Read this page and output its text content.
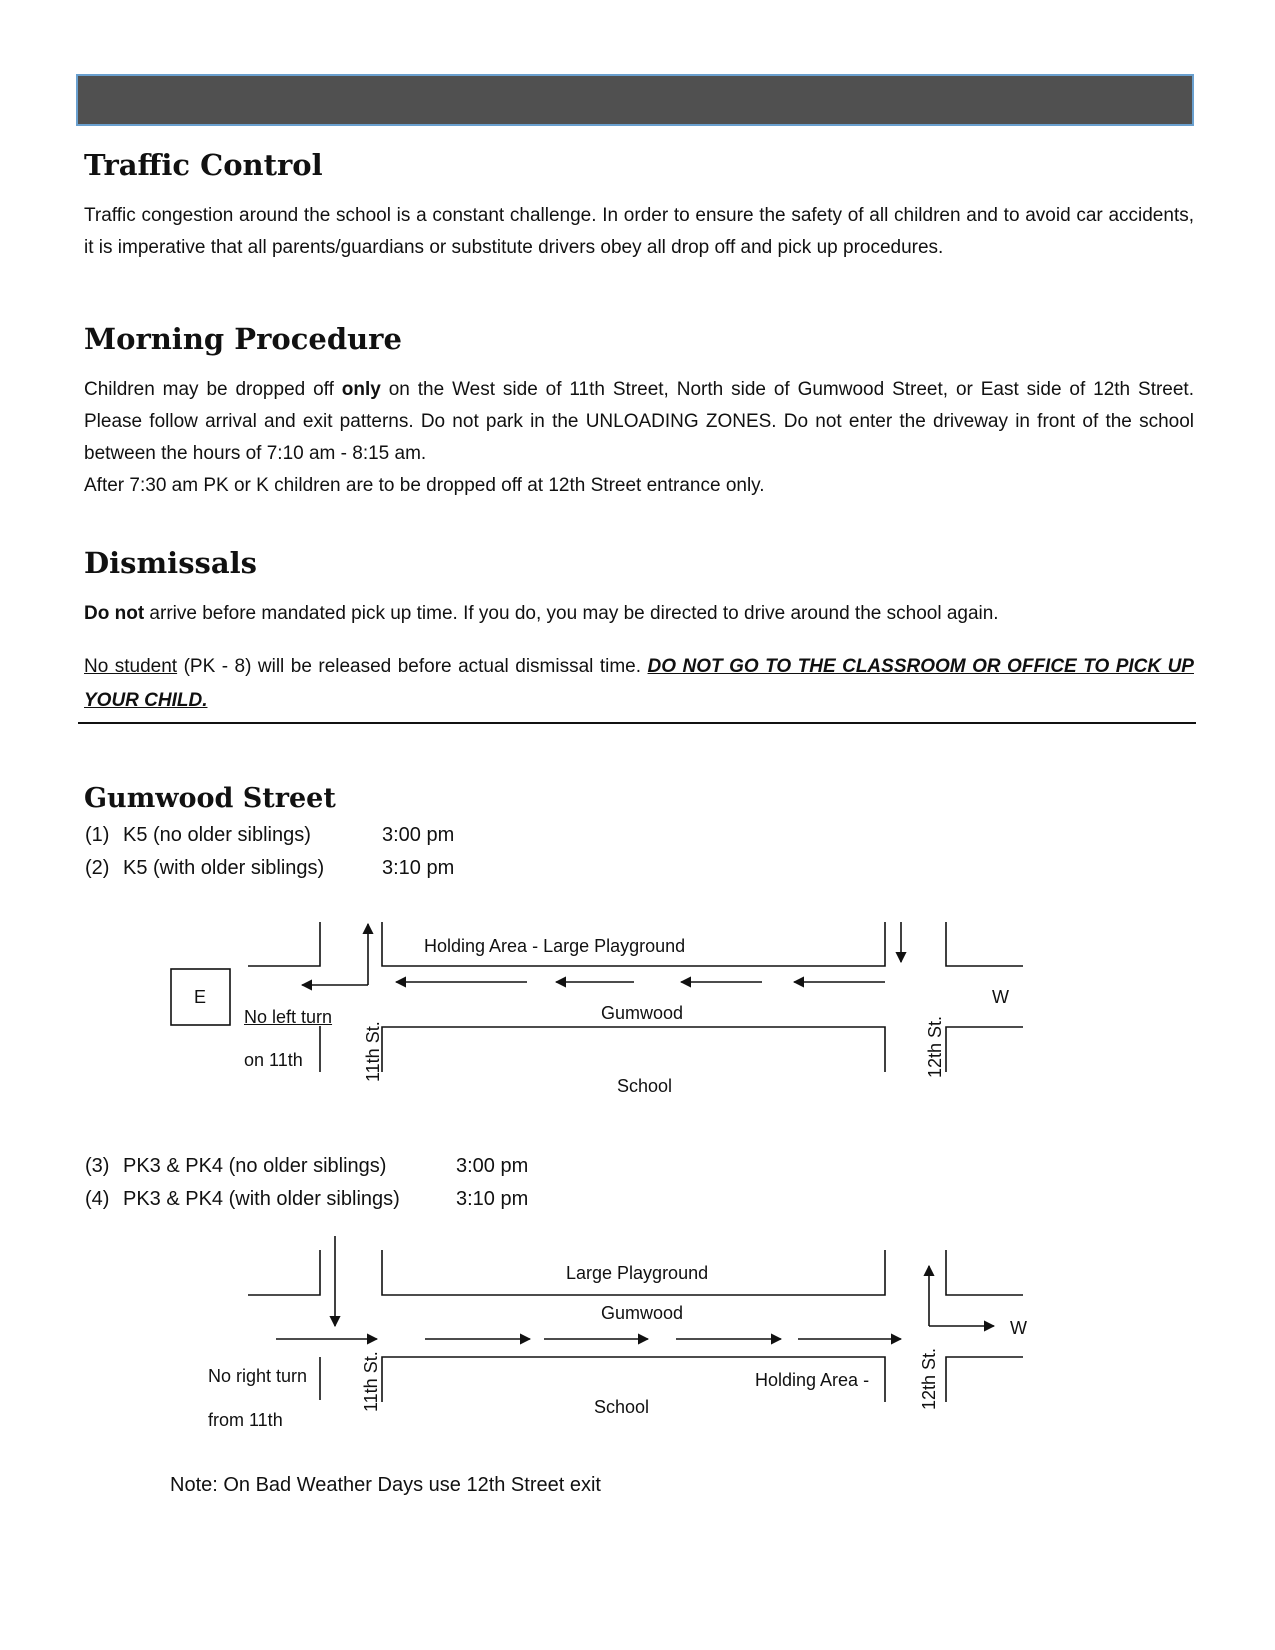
Traffic Control

Traffic congestion around the school is a constant challenge. In order to ensure the safety of all children and to avoid car accidents, it is imperative that all parents/guardians or substitute drivers obey all drop off and pick up procedures.

Morning Procedure

Children may be dropped off only on the West side of 11th Street, North side of Gumwood Street, or East side of 12th Street. Please follow arrival and exit patterns. Do not park in the UNLOADING ZONES. Do not enter the driveway in front of the school between the hours of 7:10 am - 8:15 am.
After 7:30 am PK or K children are to be dropped off at 12th Street entrance only.

Dismissals

Do not arrive before mandated pick up time. If you do, you may be directed to drive around the school again.

No student (PK - 8) will be released before actual dismissal time. DO NOT GO TO THE CLASSROOM OR OFFICE TO PICK UP YOUR CHILD.

Gumwood Street
(1) K5 (no older siblings)	3:00 pm
(2) K5 (with older siblings)	3:10 pm
Holding Area - Large Playground
E	W
No left turn
on 11th
Gumwood
11th St.	12th St.
School
(3) PK3 & PK4 (no older siblings)	3:00 pm
(4) PK3 & PK4 (with older siblings)	3:10 pm
Large Playground
Gumwood
W
No right turn
from 11th
11th St.	12th St.
Holding Area -
School
Note: On Bad Weather Days use 12th Street exit
